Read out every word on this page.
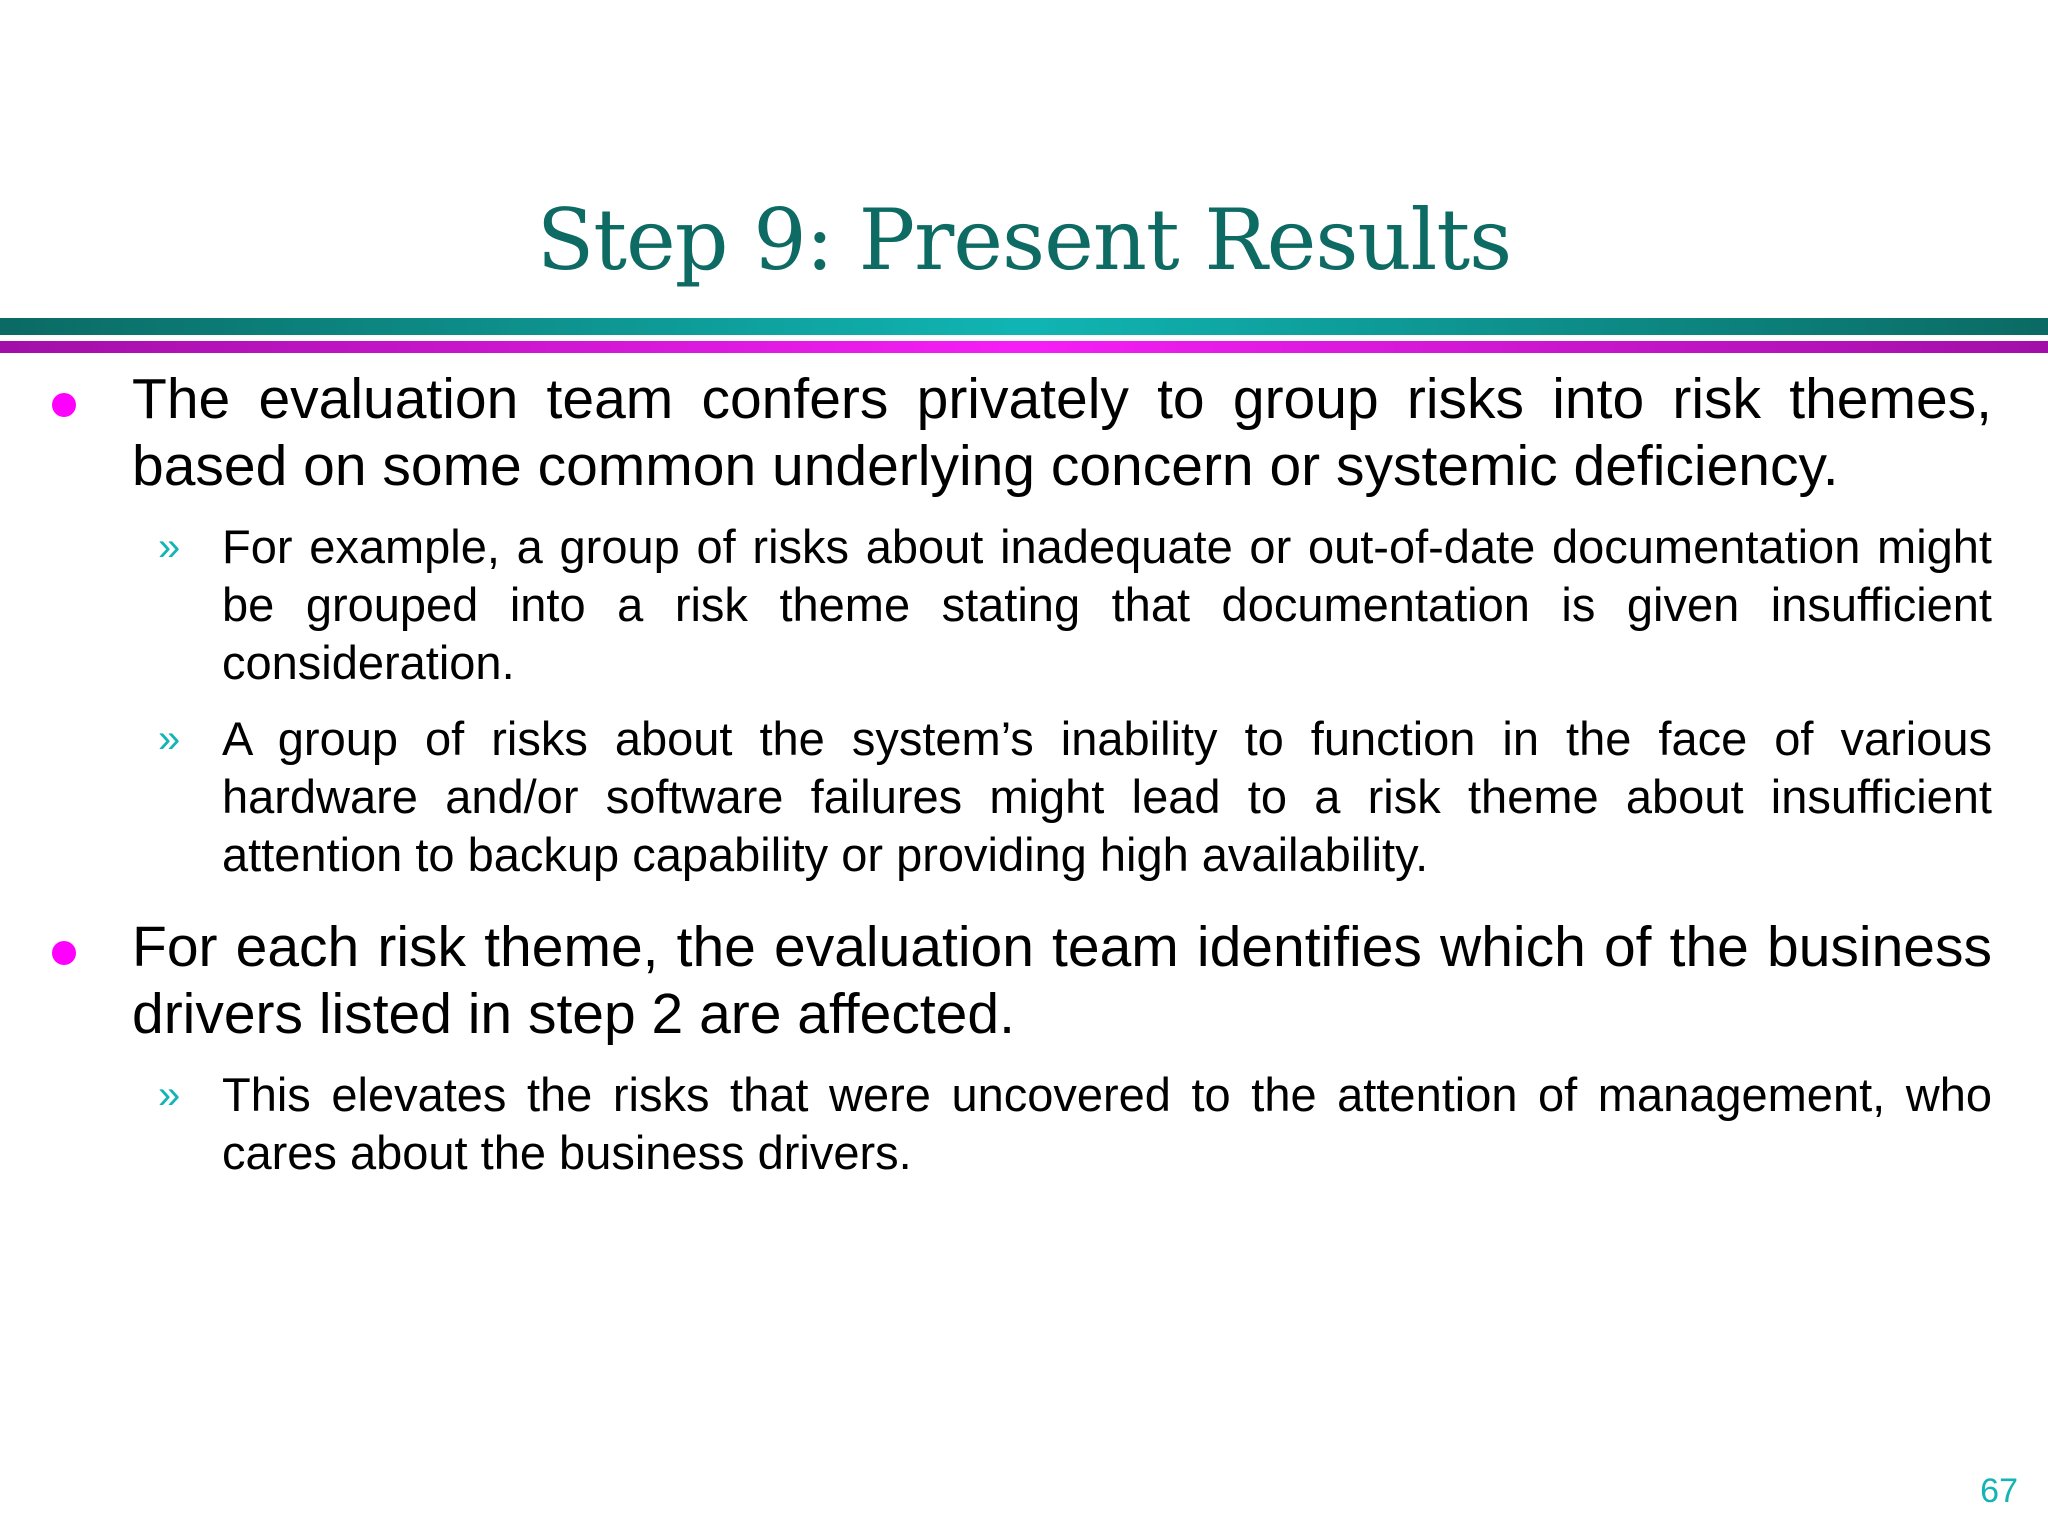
Step 9: Present Results
The evaluation team confers privately to group risks into risk themes, based on some common underlying concern or systemic deficiency.
» For example, a group of risks about inadequate or out-of-date documentation might be grouped into a risk theme stating that documentation is given insufficient consideration.
» A group of risks about the system’s inability to function in the face of various hardware and/or software failures might lead to a risk theme about insufficient attention to backup capability or providing high availability.
For each risk theme, the evaluation team identifies which of the business drivers listed in step 2 are affected.
» This elevates the risks that were uncovered to the attention of management, who cares about the business drivers.
67
